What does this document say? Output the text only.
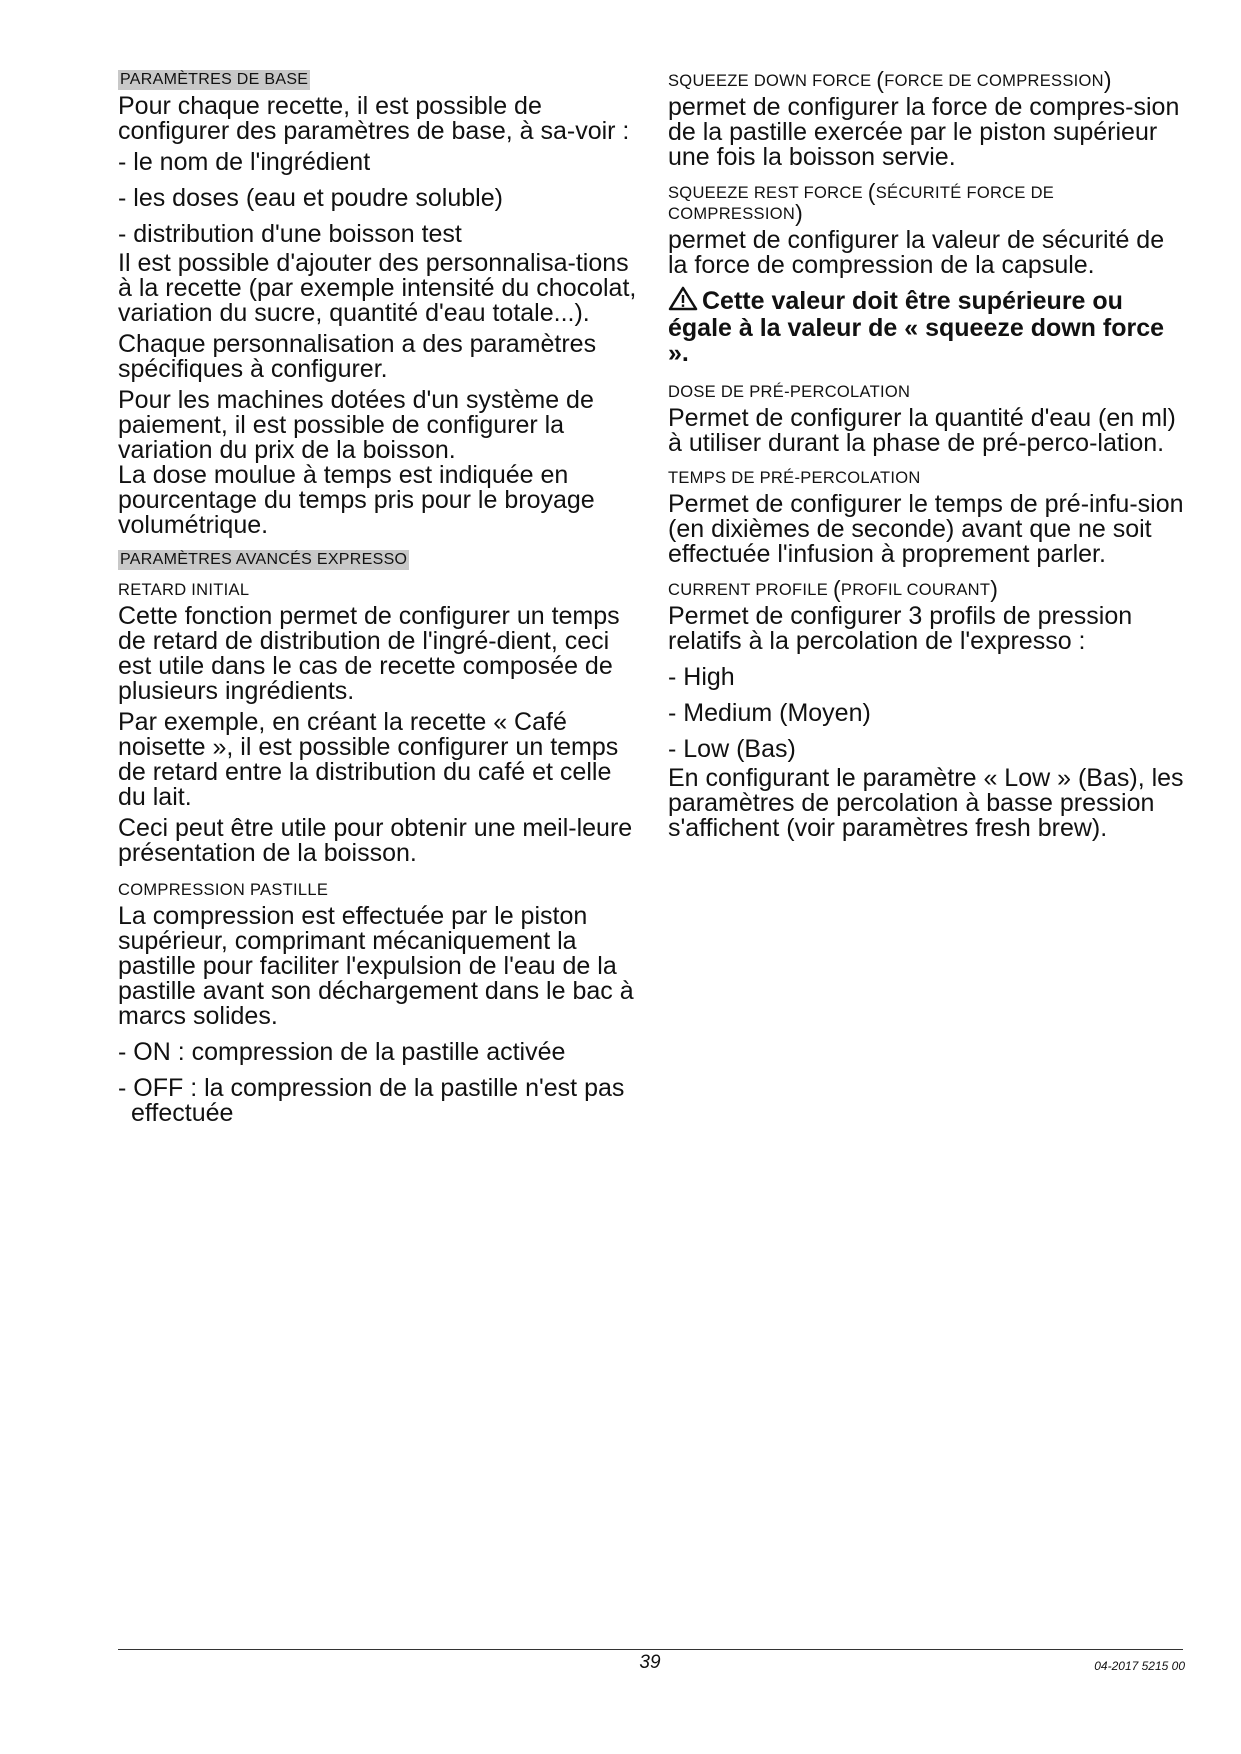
PARAMÈTRES DE BASE

Pour chaque recette, il est possible de configurer des paramètres de base, à sa-voir :

- le nom de l'ingrédient
- les doses (eau et poudre soluble)
- distribution d'une boisson test

Il est possible d'ajouter des personnalisa-tions à la recette (par exemple intensité du chocolat, variation du sucre, quantité d'eau totale...).

Chaque personnalisation a des paramètres spécifiques à configurer.

Pour les machines dotées d'un système de paiement, il est possible de configurer la variation du prix de la boisson.

La dose moulue à temps est indiquée en pourcentage du temps pris pour le broyage volumétrique.

PARAMÈTRES AVANCÉS EXPRESSO
RETARD INITIAL

Cette fonction permet de configurer un temps de retard de distribution de l'ingré-dient, ceci est utile dans le cas de recette composée de plusieurs ingrédients.

Par exemple, en créant la recette « Café noisette », il est possible configurer un temps de retard entre la distribution du café et celle du lait.

Ceci peut être utile pour obtenir une meil-leure présentation de la boisson.

COMPRESSION PASTILLE

La compression est effectuée par le piston supérieur, comprimant mécaniquement la pastille pour faciliter l'expulsion de l'eau de la pastille avant son déchargement dans le bac à marcs solides.

- ON : compression de la pastille activée
- OFF : la compression de la pastille n'est pas effectuée
SQUEEZE DOWN FORCE (FORCE DE COMPRESSION)

permet de configurer la force de compres-sion de la pastille exercée par le piston supérieur une fois la boisson servie.

SQUEEZE REST FORCE (SÉCURITÉ FORCE DE COMPRESSION)

permet de configurer la valeur de sécurité de la force de compression de la capsule.

Cette valeur doit être supérieure ou égale à la valeur de « squeeze down force ».
DOSE DE PRÉ-PERCOLATION

Permet de configurer la quantité d'eau (en ml) à utiliser durant la phase de pré-perco-lation.

TEMPS DE PRÉ-PERCOLATION

Permet de configurer le temps de pré-infu-sion (en dixièmes de seconde) avant que ne soit effectuée l'infusion à proprement parler.

CURRENT PROFILE (PROFIL COURANT)

Permet de configurer 3 profils de pression relatifs à la percolation de l'expresso :

- High
- Medium (Moyen)
- Low (Bas)

En configurant le paramètre « Low » (Bas), les paramètres de percolation à basse pression s'affichent (voir paramètres fresh brew).

39	04-2017 5215 00
